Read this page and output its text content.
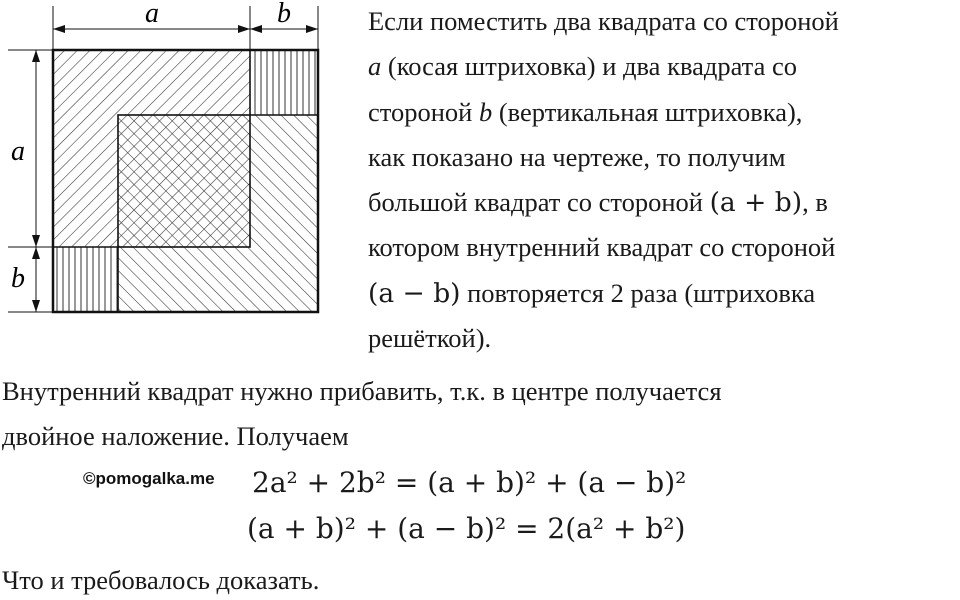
a	b
a
b
Если поместить два квадрата со стороной
a (косая штриховка) и два квадрата со
стороной b (вертикальная штриховка),
как показано на чертеже, то получим
большой квадрат со стороной (a + b), в
котором внутренний квадрат со стороной
(a − b) повторяется 2 раза (штриховка
решёткой).
Внутренний квадрат нужно прибавить, т.к. в центре получается
двойное наложение. Получаем
©pomogalka.me 2a² + 2b² = (a + b)² + (a − b)²
(a + b)² + (a − b)² = 2(a² + b²)
Что и требовалось доказать.
